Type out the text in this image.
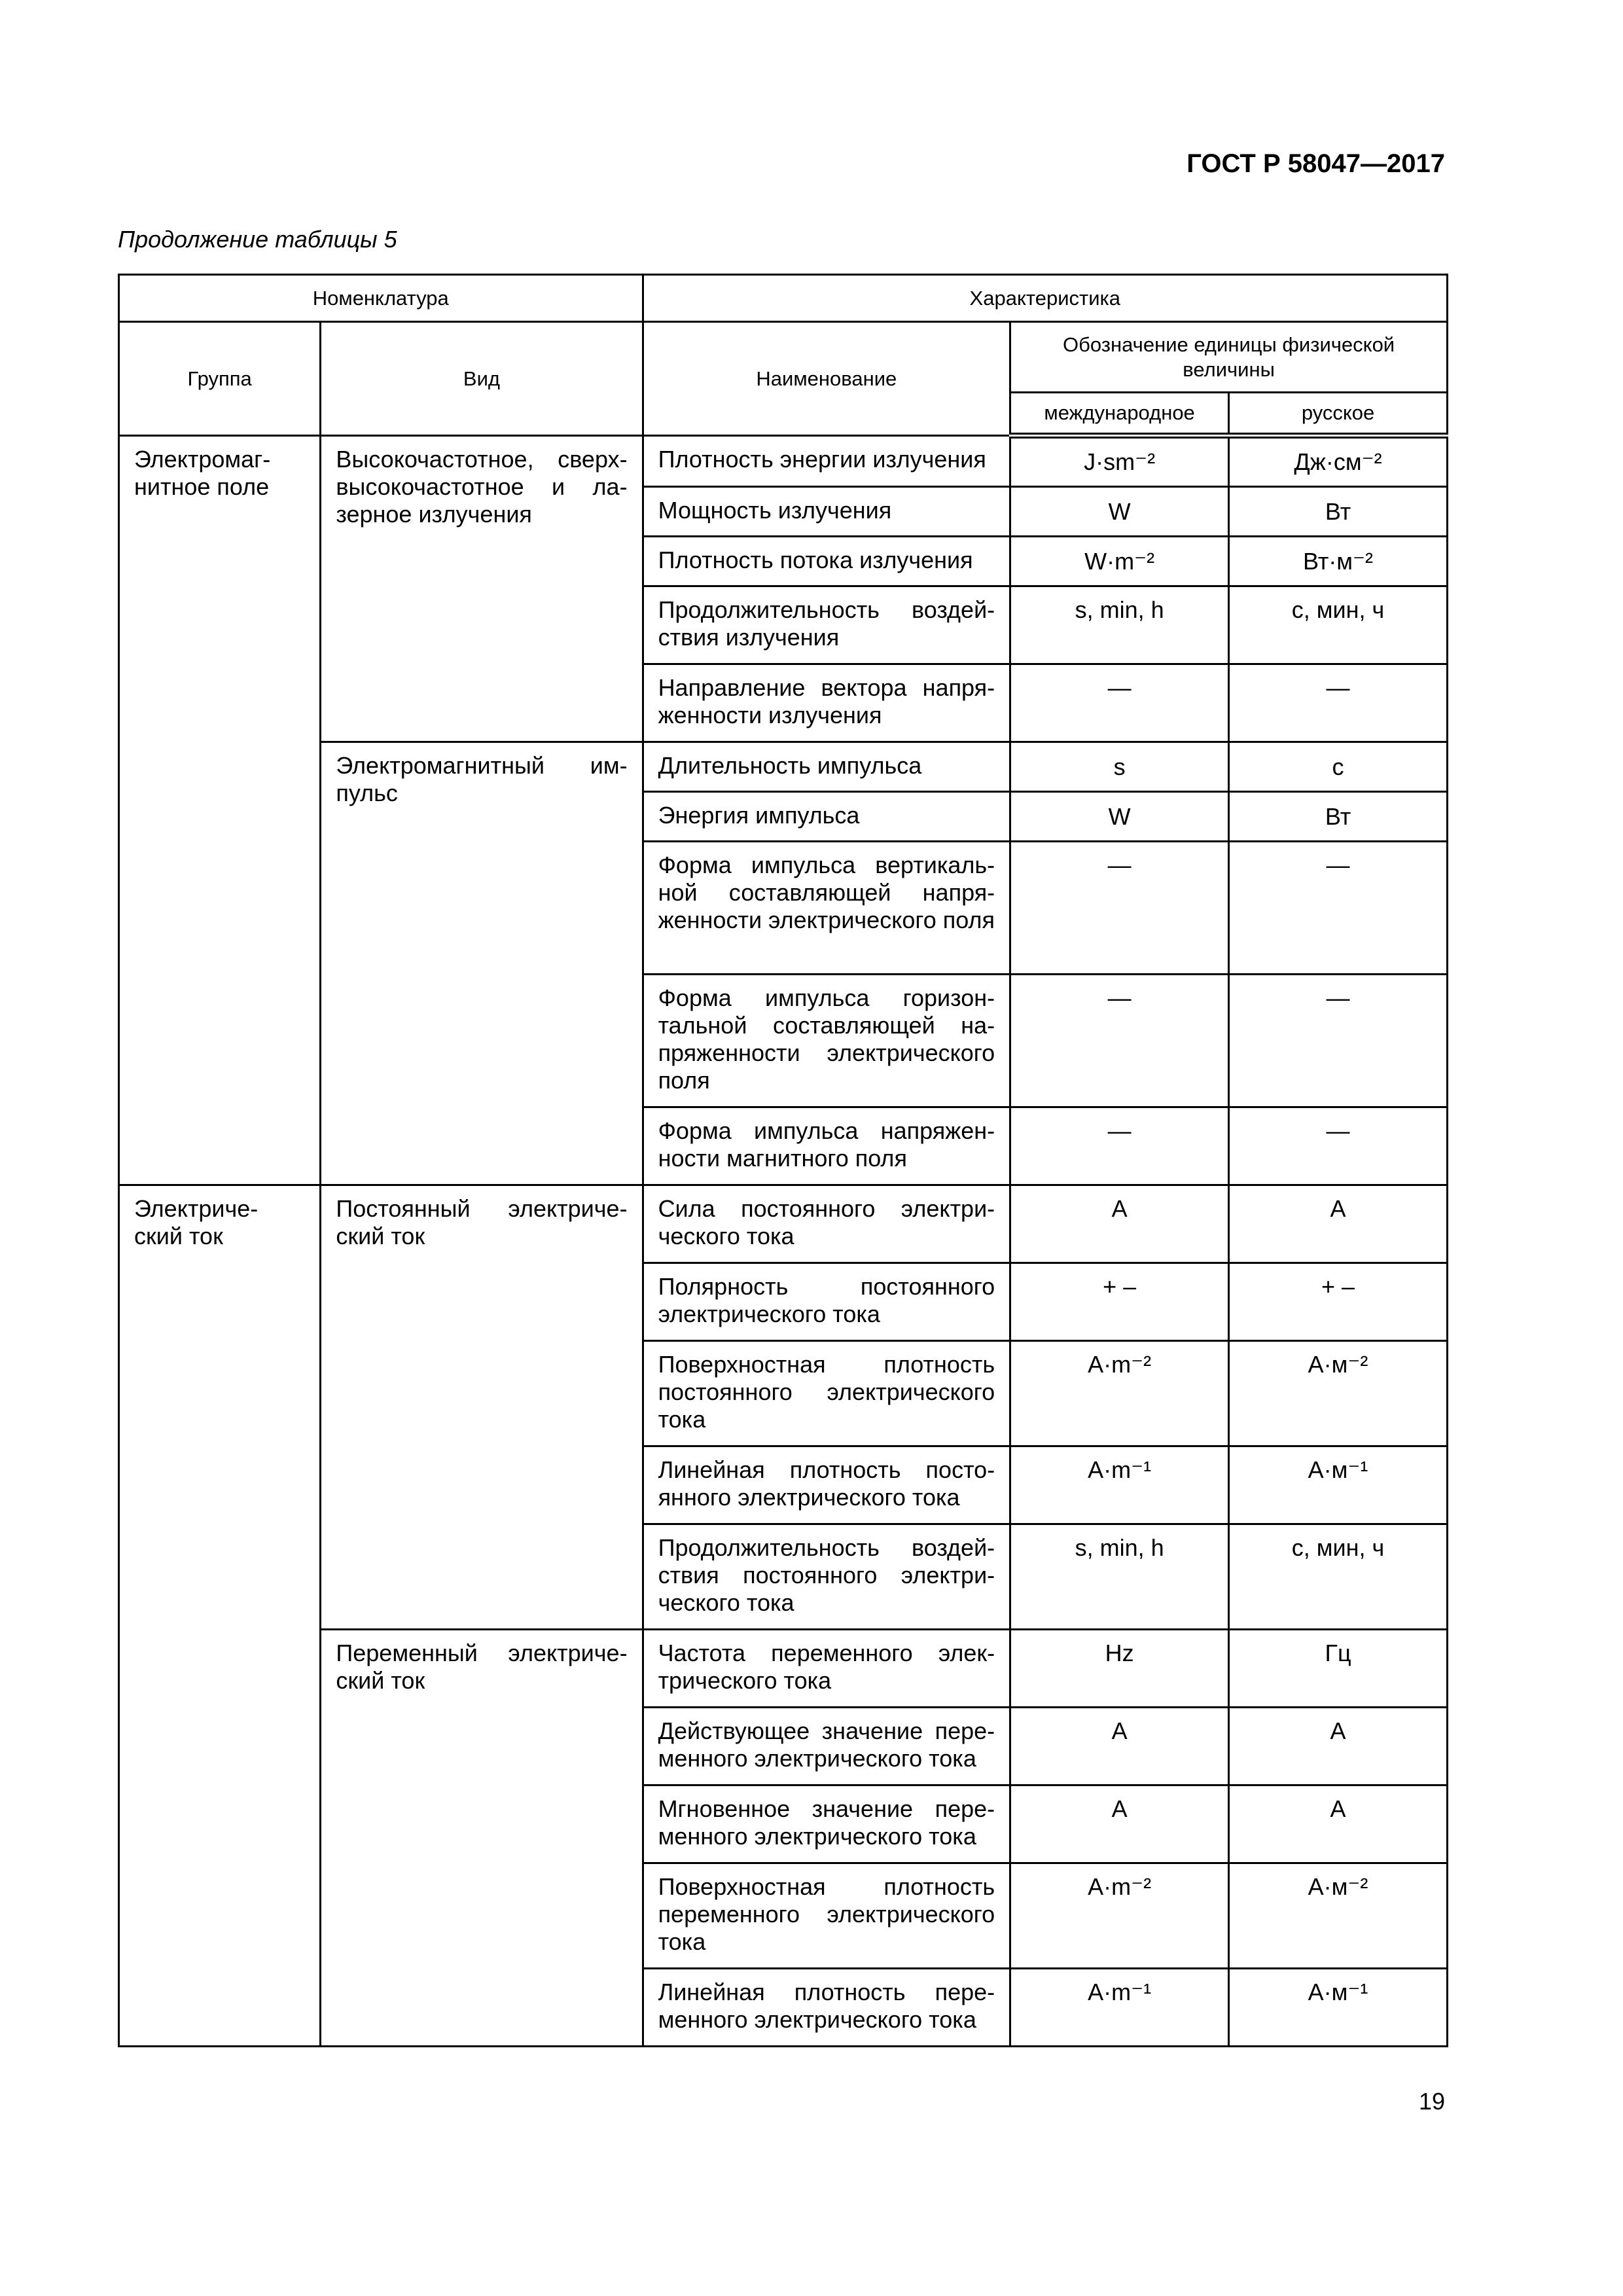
ГОСТ Р 58047—2017
Продолжение таблицы 5
Номенклатура		Характеристика		
Группа	Вид	Наименование	Обозначение единицы физической величины	
			международное	русское
Электромаг-нитное поле	Высокочастотное, сверх-высокочастотное и ла-зерное излучения	Плотность энергии излучения	J·sm⁻²	Дж·см⁻²
		Мощность излучения	W	Вт
		Плотность потока излучения	W·m⁻²	Вт·м⁻²
		Продолжительность воздей-ствия излучения	s, min, h	с, мин, ч
		Направление вектора напря-женности излучения	—	—
	Электромагнитный им-пульс	Длительность импульса	s	с
		Энергия импульса	W	Вт
		Форма импульса вертикаль-ной составляющей напря-женности электрического поля	—	—
		Форма импульса горизон-тальной составляющей на-пряженности электрического поля	—	—
		Форма импульса напряжен-ности магнитного поля	—	—
Электриче-ский ток	Постоянный электриче-ский ток	Сила постоянного электри-ческого тока	A	А
		Полярность постоянного электрического тока	+ –	+ –
		Поверхностная плотность постоянного электрического тока	A·m⁻²	А·м⁻²
		Линейная плотность посто-янного электрического тока	A·m⁻¹	А·м⁻¹
		Продолжительность воздей-ствия постоянного электри-ческого тока	s, min, h	с, мин, ч
	Переменный электриче-ский ток	Частота переменного элек-трического тока	Hz	Гц
		Действующее значение пере-менного электрического тока	A	А
		Мгновенное значение пере-менного электрического тока	A	А
		Поверхностная плотность переменного электрического тока	A·m⁻²	А·м⁻²
		Линейная плотность пере-менного электрического тока	A·m⁻¹	А·м⁻¹
19
